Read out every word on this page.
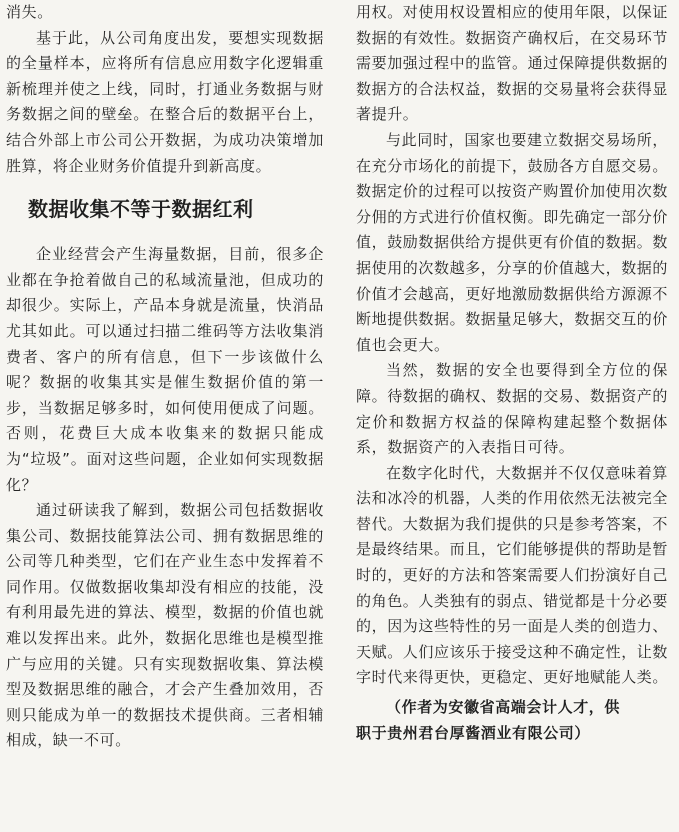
消失。

基于此，从公司角度出发，要想实现数据的全量样本，应将所有信息应用数字化逻辑重新梳理并使之上线，同时，打通业务数据与财务数据之间的壁垒。在整合后的数据平台上，结合外部上市公司公开数据，为成功决策增加胜算，将企业财务价值提升到新高度。

数据收集不等于数据红利

企业经营会产生海量数据，目前，很多企业都在争抢着做自己的私域流量池，但成功的却很少。实际上，产品本身就是流量，快消品尤其如此。可以通过扫描二维码等方法收集消费者、客户的所有信息，但下一步该做什么呢？数据的收集其实是催生数据价值的第一步，当数据足够多时，如何使用便成了问题。否则，花费巨大成本收集来的数据只能成为“垃圾”。面对这些问题，企业如何实现数据化？

通过研读我了解到，数据公司包括数据收集公司、数据技能算法公司、拥有数据思维的公司等几种类型，它们在产业生态中发挥着不同作用。仅做数据收集却没有相应的技能，没有利用最先进的算法、模型，数据的价值也就难以发挥出来。此外，数据化思维也是模型推广与应用的关键。只有实现数据收集、算法模型及数据思维的融合，才会产生叠加效用，否则只能成为单一的数据技术提供商。三者相辅相成，缺一不可。

用权。对使用权设置相应的使用年限，以保证数据的有效性。数据资产确权后，在交易环节需要加强过程中的监管。通过保障提供数据的数据方的合法权益，数据的交易量将会获得显著提升。

与此同时，国家也要建立数据交易场所，在充分市场化的前提下，鼓励各方自愿交易。数据定价的过程可以按资产购置价加使用次数分佣的方式进行价值权衡。即先确定一部分价值，鼓励数据供给方提供更有价值的数据。数据使用的次数越多，分享的价值越大，数据的价值才会越高，更好地激励数据供给方源源不断地提供数据。数据量足够大，数据交互的价值也会更大。

当然，数据的安全也要得到全方位的保障。待数据的确权、数据的交易、数据资产的定价和数据方权益的保障构建起整个数据体系，数据资产的入表指日可待。

在数字化时代，大数据并不仅仅意味着算法和冰冷的机器，人类的作用依然无法被完全替代。大数据为我们提供的只是参考答案，不是最终结果。而且，它们能够提供的帮助是暂时的，更好的方法和答案需要人们扮演好自己的角色。人类独有的弱点、错觉都是十分必要的，因为这些特性的另一面是人类的创造力、天赋。人们应该乐于接受这种不确定性，让数字时代来得更快，更稳定、更好地赋能人类。

（作者为安徽省高端会计人才，供

职于贵州君台厚酱酒业有限公司）
